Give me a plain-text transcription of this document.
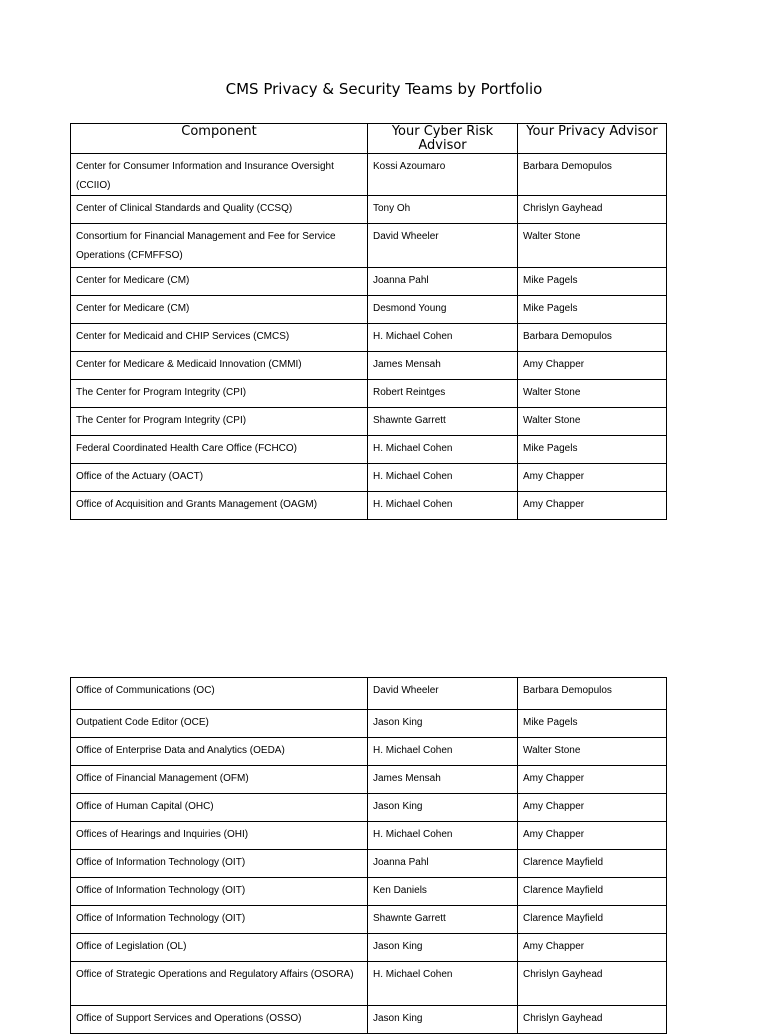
CMS Privacy & Security Teams by Portfolio
Component	Your Cyber Risk Advisor	Your Privacy Advisor
Center for Consumer Information and Insurance Oversight (CCIIO)	Kossi Azoumaro	Barbara Demopulos
Center of Clinical Standards and Quality (CCSQ)	Tony Oh	Chrislyn Gayhead
Consortium for Financial Management and Fee for Service Operations (CFMFFSO)	David Wheeler	Walter Stone
Center for Medicare (CM)	Joanna Pahl	Mike Pagels
Center for Medicare (CM)	Desmond Young	Mike Pagels
Center for Medicaid and CHIP Services (CMCS)	H. Michael Cohen	Barbara Demopulos
Center for Medicare & Medicaid Innovation (CMMI)	James Mensah	Amy Chapper
The Center for Program Integrity (CPI)	Robert Reintges	Walter Stone
The Center for Program Integrity (CPI)	Shawnte Garrett	Walter Stone
Federal Coordinated Health Care Office (FCHCO)	H. Michael Cohen	Mike Pagels
Office of the Actuary (OACT)	H. Michael Cohen	Amy Chapper
Office of Acquisition and Grants Management (OAGM)	H. Michael Cohen	Amy Chapper
Office of Communications (OC)	David Wheeler	Barbara Demopulos
Outpatient Code Editor (OCE)	Jason King	Mike Pagels
Office of Enterprise Data and Analytics (OEDA)	H. Michael Cohen	Walter Stone
Office of Financial Management (OFM)	James Mensah	Amy Chapper
Office of Human Capital (OHC)	Jason King	Amy Chapper
Offices of Hearings and Inquiries (OHI)	H. Michael Cohen	Amy Chapper
Office of Information Technology (OIT)	Joanna Pahl	Clarence Mayfield
Office of Information Technology (OIT)	Ken Daniels	Clarence Mayfield
Office of Information Technology (OIT)	Shawnte Garrett	Clarence Mayfield
Office of Legislation (OL)	Jason King	Amy Chapper
Office of Strategic Operations and Regulatory Affairs (OSORA)	H. Michael Cohen	Chrislyn Gayhead
Office of Support Services and Operations (OSSO)	Jason King	Chrislyn Gayhead
